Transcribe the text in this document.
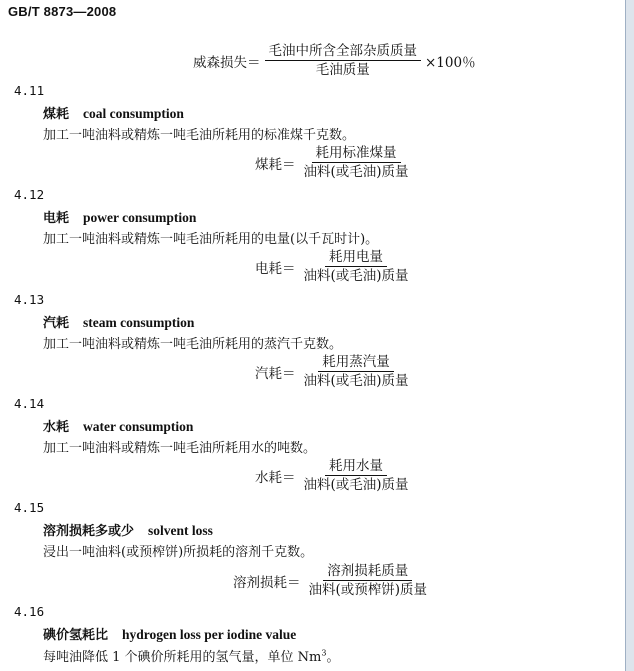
GB/T 8873—2008
威森损失＝ $\frac{\text{毛油中所含全部杂质质量}}{\text{毛油质量}} \times 100$％
4.11
煤耗 coal consumption
加工一吨油料或精炼一吨毛油所耗用的标准煤千克数。
煤耗＝ $\frac{\text{耗用标准煤量}}{\text{油料(或毛油)质量}}$
4.12
电耗 power consumption
加工一吨油料或精炼一吨毛油所耗用的电量(以千瓦时计)。
电耗＝ $\frac{\text{耗用电量}}{\text{油料(或毛油)质量}}$
4.13
汽耗 steam consumption
加工一吨油料或精炼一吨毛油所耗用的蒸汽千克数。
汽耗＝ $\frac{\text{耗用蒸汽量}}{\text{油料(或毛油)质量}}$
4.14
水耗 water consumption
加工一吨油料或精炼一吨毛油所耗用水的吨数。
水耗＝ $\frac{\text{耗用水量}}{\text{油料(或毛油)质量}}$
4.15
溶剂损耗多或少 solvent loss
浸出一吨油料(或预榨饼)所损耗的溶剂千克数。
溶剂损耗＝ $\frac{\text{溶剂损耗质量}}{\text{油料(或预榨饼)质量}}$
4.16
碘价氢耗比 hydrogen loss per iodine value
每吨油降低 1 个碘价所耗用的氢气量，单位 Nm$^3$。
